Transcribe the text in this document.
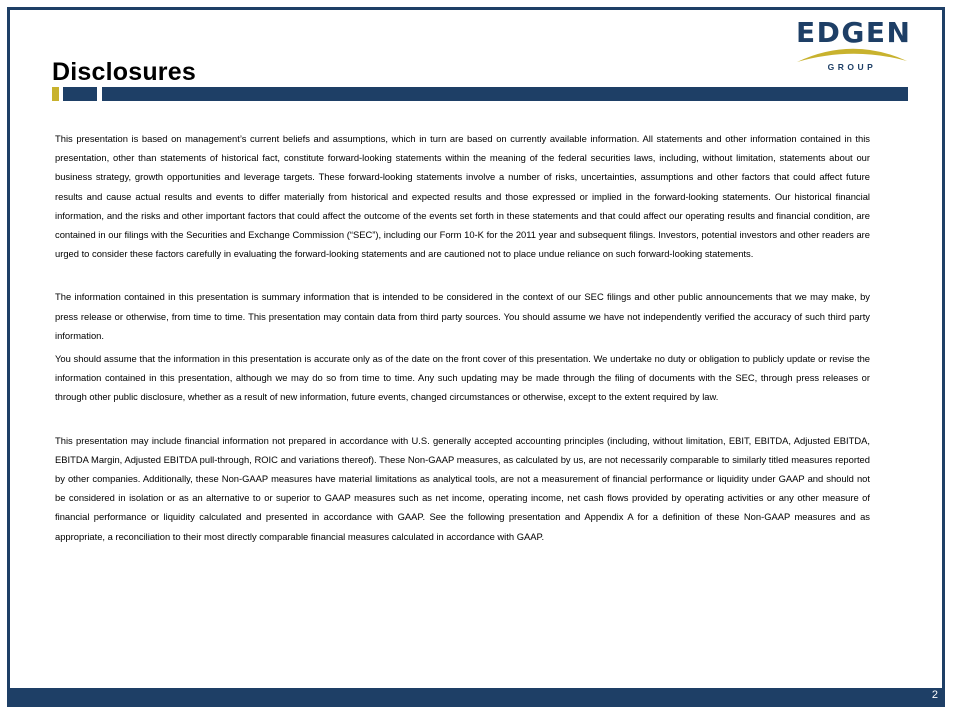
Disclosures
EDGEN
GROUP

This presentation is based on management’s current beliefs and assumptions, which in turn are based on currently available information. All statements and other information contained in this presentation, other than statements of historical fact, constitute forward-looking statements within the meaning of the federal securities laws, including, without limitation, statements about our business strategy, growth opportunities and leverage targets. These forward-looking statements involve a number of risks, uncertainties, assumptions and other factors that could affect future results and cause actual results and events to differ materially from historical and expected results and those expressed or implied in the forward-looking statements. Our historical financial information, and the risks and other important factors that could affect the outcome of the events set forth in these statements and that could affect our operating results and financial condition, are contained in our filings with the Securities and Exchange Commission (“SEC”), including our Form 10-K for the 2011 year and subsequent filings. Investors, potential investors and other readers are urged to consider these factors carefully in evaluating the forward-looking statements and are cautioned not to place undue reliance on such forward-looking statements.

The information contained in this presentation is summary information that is intended to be considered in the context of our SEC filings and other public announcements that we may make, by press release or otherwise, from time to time. This presentation may contain data from third party sources. You should assume we have not independently verified the accuracy of such third party information.

You should assume that the information in this presentation is accurate only as of the date on the front cover of this presentation. We undertake no duty or obligation to publicly update or revise the information contained in this presentation, although we may do so from time to time. Any such updating may be made through the filing of documents with the SEC, through press releases or through other public disclosure, whether as a result of new information, future events, changed circumstances or otherwise, except to the extent required by law.

This presentation may include financial information not prepared in accordance with U.S. generally accepted accounting principles (including, without limitation, EBIT, EBITDA, Adjusted EBITDA, EBITDA Margin, Adjusted EBITDA pull-through, ROIC and variations thereof). These Non-GAAP measures, as calculated by us, are not necessarily comparable to similarly titled measures reported by other companies. Additionally, these Non-GAAP measures have material limitations as analytical tools, are not a measurement of financial performance or liquidity under GAAP and should not be considered in isolation or as an alternative to or superior to GAAP measures such as net income, operating income, net cash flows provided by operating activities or any other measure of financial performance or liquidity calculated and presented in accordance with GAAP. See the following presentation and Appendix A for a definition of these Non-GAAP measures and as appropriate, a reconciliation to their most directly comparable financial measures calculated in accordance with GAAP.

2
